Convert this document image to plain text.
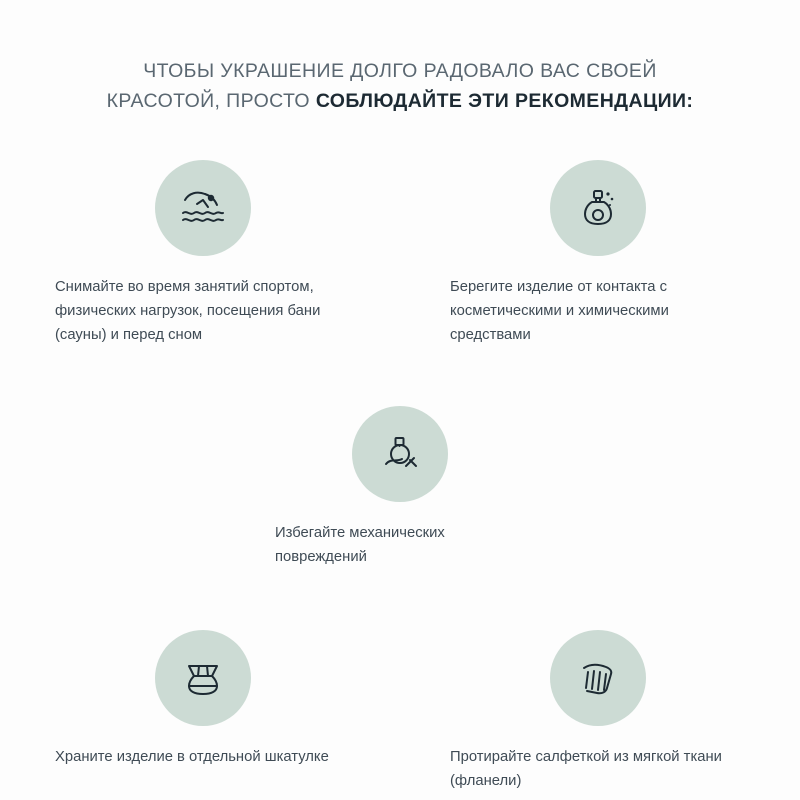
ЧТОБЫ УКРАШЕНИЕ ДОЛГО РАДОВАЛО ВАС СВОЕЙ
КРАСОТОЙ, ПРОСТО СОБЛЮДАЙТЕ ЭТИ РЕКОМЕНДАЦИИ:
Снимайте во время занятий спортом, физических нагрузок, посещения бани (сауны) и перед сном
Берегите изделие от контакта с косметическими и химическими средствами
Избегайте механических повреждений
Храните изделие в отдельной шкатулке	Протирайте салфеткой из мягкой ткани (фланели)
